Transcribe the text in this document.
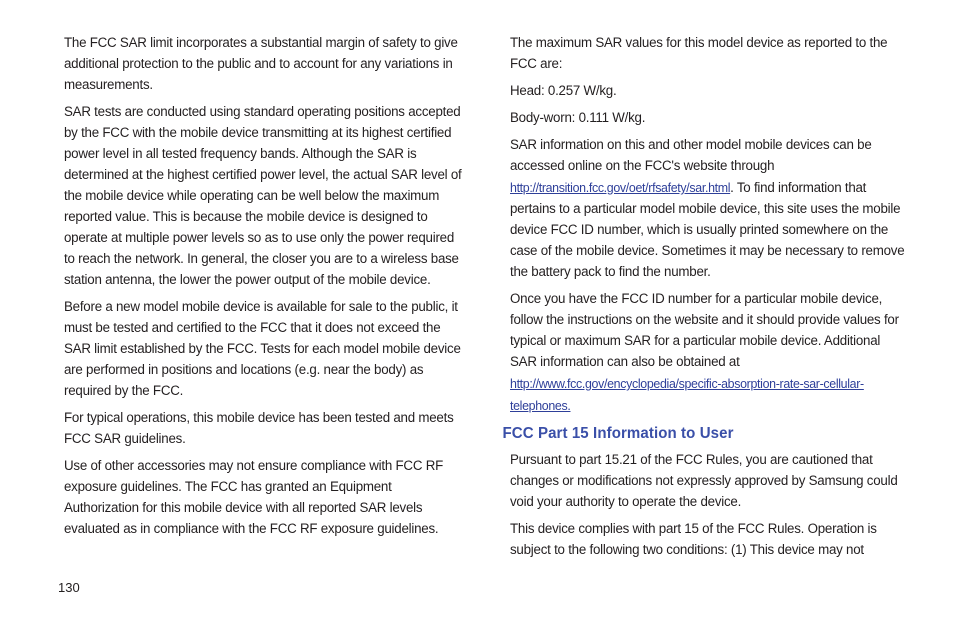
The FCC SAR limit incorporates a substantial margin of safety to give additional protection to the public and to account for any variations in measurements.

SAR tests are conducted using standard operating positions accepted by the FCC with the mobile device transmitting at its highest certified power level in all tested frequency bands. Although the SAR is determined at the highest certified power level, the actual SAR level of the mobile device while operating can be well below the maximum reported value. This is because the mobile device is designed to operate at multiple power levels so as to use only the power required to reach the network. In general, the closer you are to a wireless base station antenna, the lower the power output of the mobile device.

Before a new model mobile device is available for sale to the public, it must be tested and certified to the FCC that it does not exceed the SAR limit established by the FCC. Tests for each model mobile device are performed in positions and locations (e.g. near the body) as required by the FCC.

For typical operations, this mobile device has been tested and meets FCC SAR guidelines.

Use of other accessories may not ensure compliance with FCC RF exposure guidelines. The FCC has granted an Equipment Authorization for this mobile device with all reported SAR levels evaluated as in compliance with the FCC RF exposure guidelines.

The maximum SAR values for this model device as reported to the FCC are:

Head: 0.257 W/kg.

Body-worn: 0.111 W/kg.

SAR information on this and other model mobile devices can be accessed online on the FCC's website through http://transition.fcc.gov/oet/rfsafety/sar.html. To find information that pertains to a particular model mobile device, this site uses the mobile device FCC ID number, which is usually printed somewhere on the case of the mobile device. Sometimes it may be necessary to remove the battery pack to find the number.

Once you have the FCC ID number for a particular mobile device, follow the instructions on the website and it should provide values for typical or maximum SAR for a particular mobile device. Additional SAR information can also be obtained at http://www.fcc.gov/encyclopedia/specific-absorption-rate-sar-cellular-telephones.

FCC Part 15 Information to User

Pursuant to part 15.21 of the FCC Rules, you are cautioned that changes or modifications not expressly approved by Samsung could void your authority to operate the device.

This device complies with part 15 of the FCC Rules. Operation is subject to the following two conditions: (1) This device may not

130
